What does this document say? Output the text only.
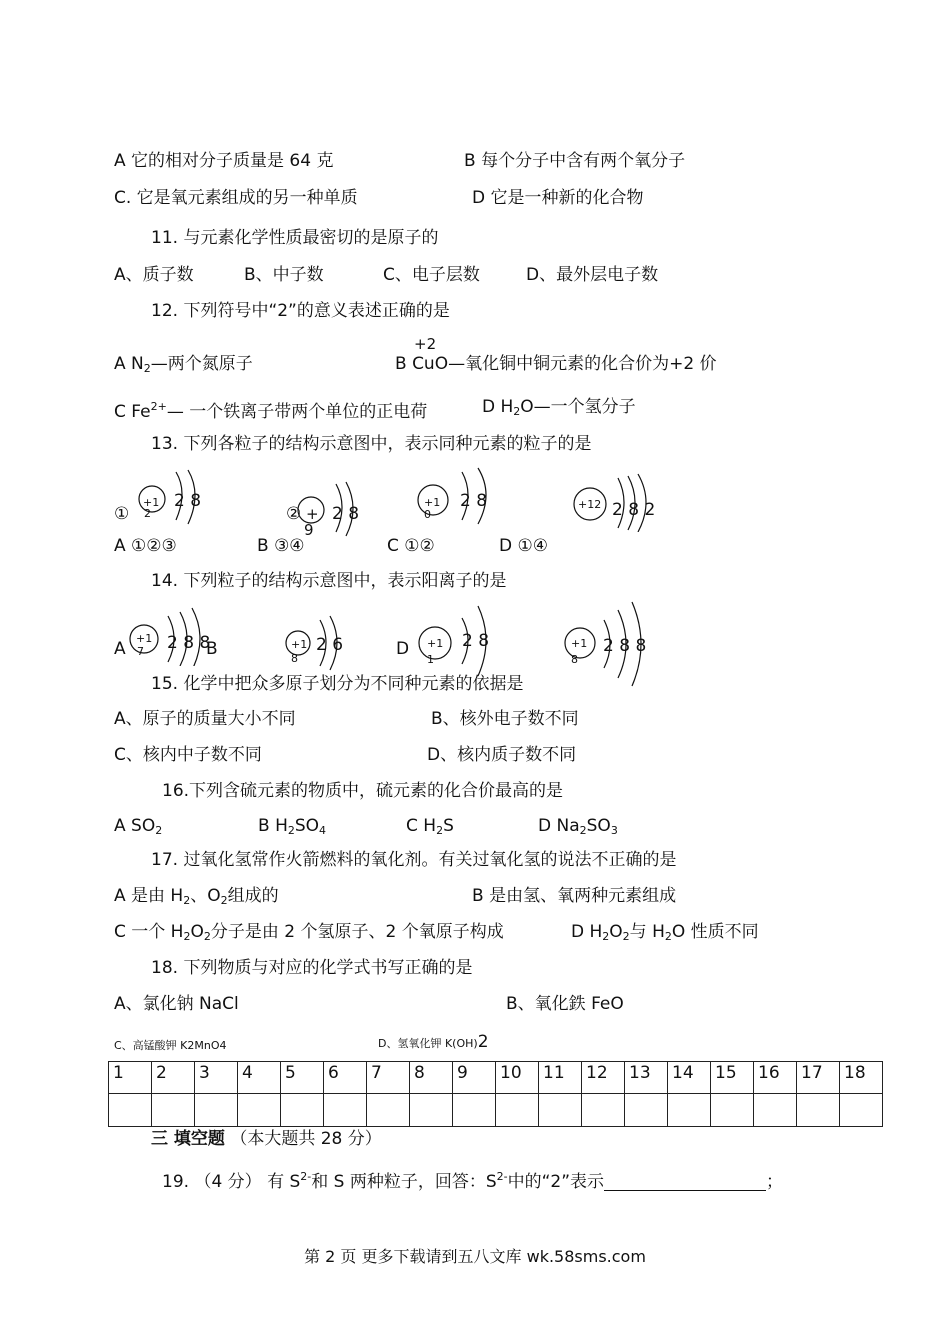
A 它的相对分子质量是 64 克	B 每个分子中含有两个氧分子
C. 它是氧元素组成的另一种单质	D 它是一种新的化合物
11. 与元素化学性质最密切的是原子的
A、质子数	B、中子数	C、电子层数	D、最外层电子数
12. 下列符号中“2”的意义表述正确的是
+2
A $N_2—$两个氮原子	B CuO—氧化铜中铜元素的化合价为+2 价
C $Fe^{2+}—$ 一个铁离子带两个单位的正电荷	D $H_2O—$一个氢分子
13. 下列各粒子的结构示意图中，表示同种元素的粒子的是
①
+1
2
2 8
② +
9
2 8
+1
0
2 8	+12 2 8 2
A ①②③	B ③④	C ①②	D ①④
14. 下列粒子的结构示意图中，表示阳离子的是
A
+1
7 2 8 8
B	+1
8
2 6	D +1
1
2 8	+1
8
2 8 8
15. 化学中把众多原子划分为不同种元素的依据是
A、原子的质量大小不同	B、核外电子数不同
C、核内中子数不同	D、核内质子数不同
16.下列含硫元素的物质中，硫元素的化合价最高的是
A $SO_2$	B $H_2SO_4$	C $H_2S$	D $Na_2SO_3$
17. 过氧化氢常作火箭燃料的氧化剂。有关过氧化氢的说法不正确的是
A 是由 $H_2$、$O_2$组成的	B 是由氢、氧两种元素组成
C 一个 $H_2O_2$分子是由 2 个氢原子、2 个氧原子构成	D $H_2O_2$与 $H_2O$ 性质不同
18. 下列物质与对应的化学式书写正确的是
A、氯化钠 NaCl	B、氧化鉄 FeO
C、高锰酸钾 K2MnO4	D、氢氧化钾 K(OH)2
1	2	3	4	5	6	7	8	9	10	11	12	13	14	15	16	17	18

三 填空题 （本大题共 28 分）
19. （4 分） 有 $S^{2-}$和 S 两种粒子，回答：$S^{2-}$中的“2”表示	；
第 2 页 更多下载请到五八文库 wk.58sms.com
